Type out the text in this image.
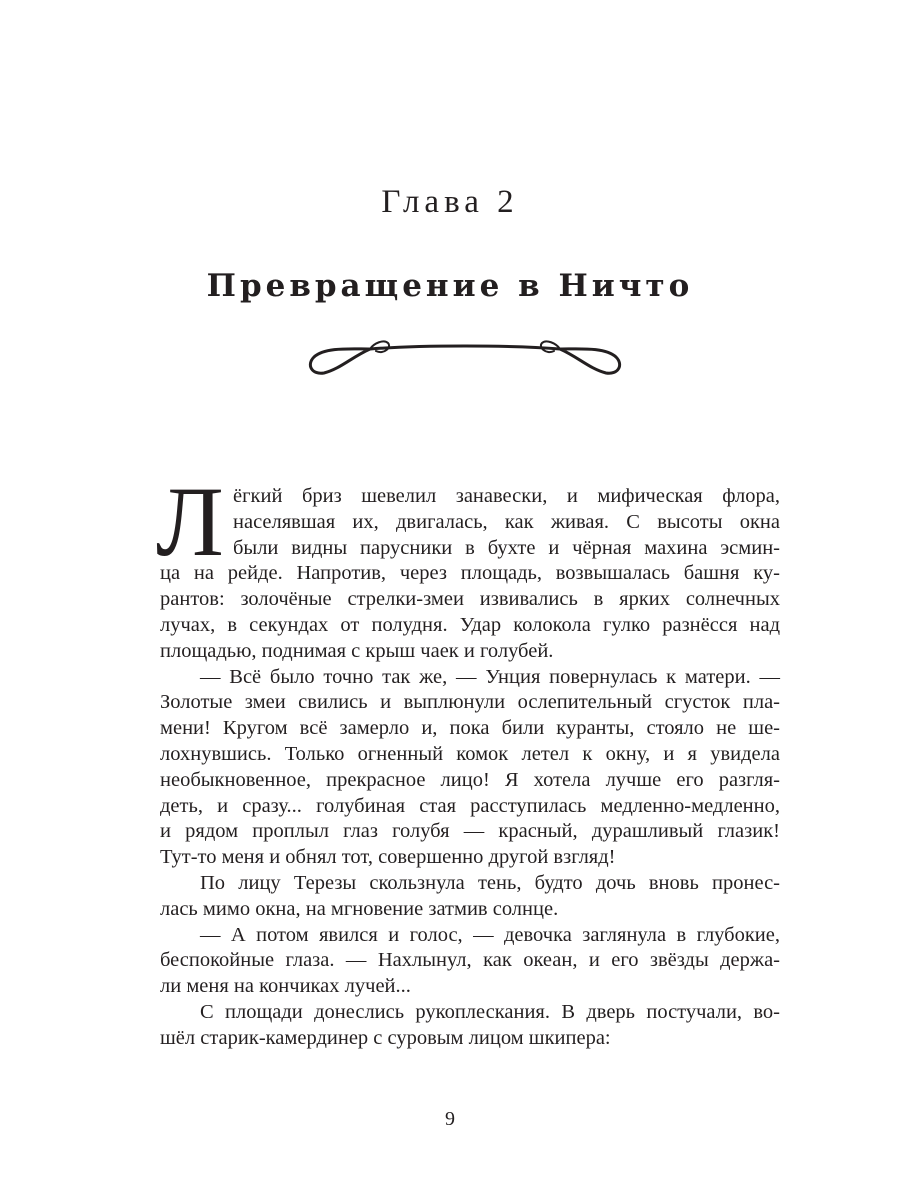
Глава 2
Превращение в Ничто
Л ёгкий бриз шевелил занавески, и мифическая флора,
населявшая их, двигалась, как живая. С высоты окна
были видны парусники в бухте и чёрная махина эсмин-
ца на рейде. Напротив, через площадь, возвышалась башня ку-
рантов: золочёные стрелки-змеи извивались в ярких солнечных
лучах, в секундах от полудня. Удар колокола гулко разнёсся над
площадью, поднимая с крыш чаек и голубей.
— Всё было точно так же, — Унция повернулась к матери. —
Золотые змеи свились и выплюнули ослепительный сгусток пла-
мени! Кругом всё замерло и, пока били куранты, стояло не ше-
лохнувшись. Только огненный комок летел к окну, и я увидела
необыкновенное, прекрасное лицо! Я хотела лучше его разгля-
деть, и сразу... голубиная стая расступилась медленно-медленно,
и рядом проплыл глаз голубя — красный, дурашливый глазик!
Тут-то меня и обнял тот, совершенно другой взгляд!
По лицу Терезы скользнула тень, будто дочь вновь пронес-
лась мимо окна, на мгновение затмив солнце.
— А потом явился и голос, — девочка заглянула в глубокие,
беспокойные глаза. — Нахлынул, как океан, и его звёзды держа-
ли меня на кончиках лучей...
С площади донеслись рукоплескания. В дверь постучали, во-
шёл старик-камердинер с суровым лицом шкипера:
9
